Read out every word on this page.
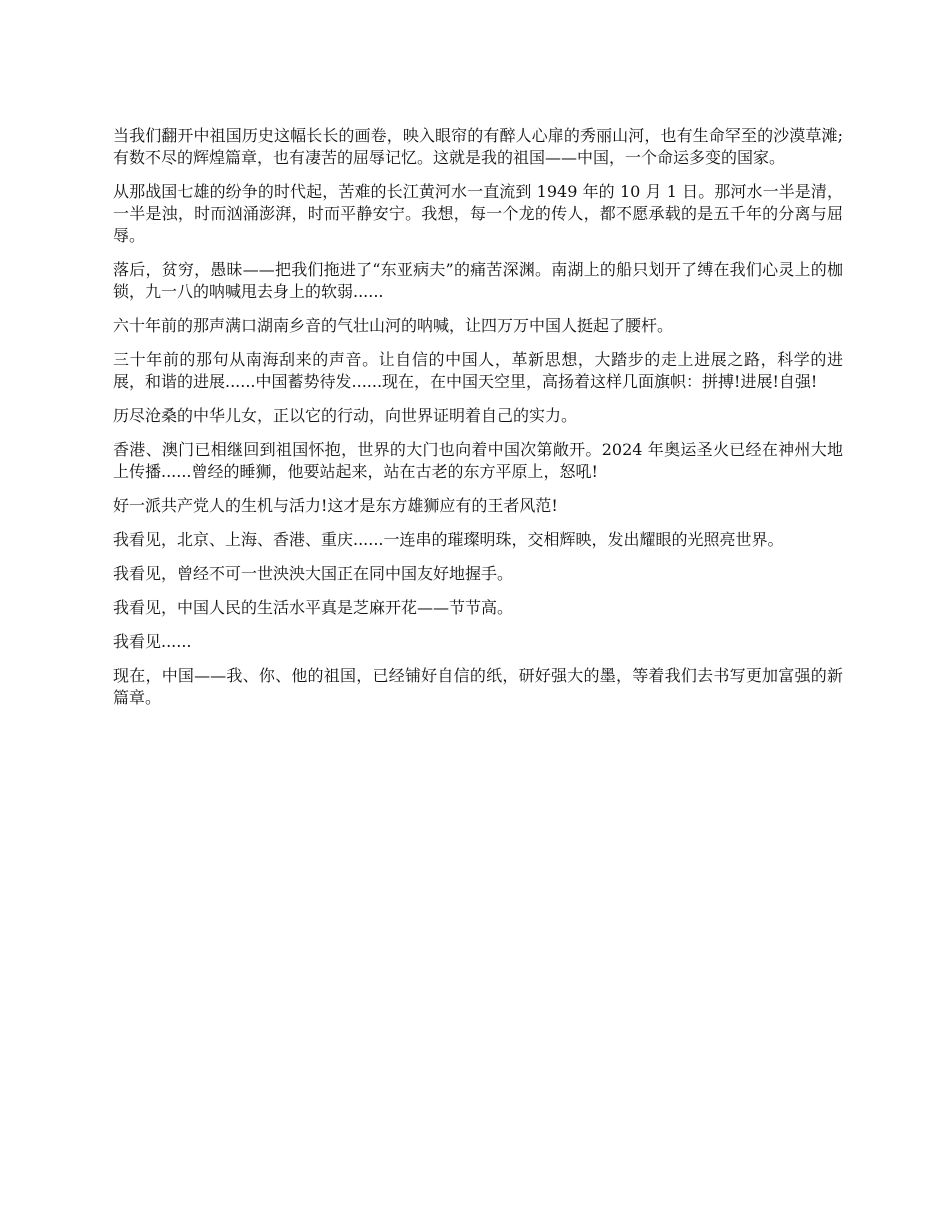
当我们翻开中祖国历史这幅长长的画卷，映入眼帘的有醉人心扉的秀丽山河，也有生命罕至的沙漠草滩;有数不尽的辉煌篇章，也有凄苦的屈辱记忆。这就是我的祖国——中国，一个命运多变的国家。

从那战国七雄的纷争的时代起，苦难的长江黄河水一直流到 1949 年的 10 月 1 日。那河水一半是清，一半是浊，时而汹涌澎湃，时而平静安宁。我想，每一个龙的传人，都不愿承载的是五千年的分离与屈辱。

落后，贫穷，愚昧——把我们拖进了“东亚病夫”的痛苦深渊。南湖上的船只划开了缚在我们心灵上的枷锁，九一八的呐喊甩去身上的软弱......

六十年前的那声满口湖南乡音的气壮山河的呐喊，让四万万中国人挺起了腰杆。

三十年前的那句从南海刮来的声音。让自信的中国人，革新思想，大踏步的走上进展之路，科学的进展，和谐的进展......中国蓄势待发......现在，在中国天空里，高扬着这样几面旗帜：拼搏!进展!自强!

历尽沧桑的中华儿女，正以它的行动，向世界证明着自己的实力。

香港、澳门已相继回到祖国怀抱，世界的大门也向着中国次第敞开。2024 年奥运圣火已经在神州大地上传播......曾经的睡狮，他要站起来，站在古老的东方平原上，怒吼!

好一派共产党人的生机与活力!这才是东方雄狮应有的王者风范!

我看见，北京、上海、香港、重庆......一连串的璀璨明珠，交相辉映，发出耀眼的光照亮世界。

我看见，曾经不可一世泱泱大国正在同中国友好地握手。

我看见，中国人民的生活水平真是芝麻开花——节节高。

我看见......

现在，中国——我、你、他的祖国，已经铺好自信的纸，研好强大的墨，等着我们去书写更加富强的新篇章。
